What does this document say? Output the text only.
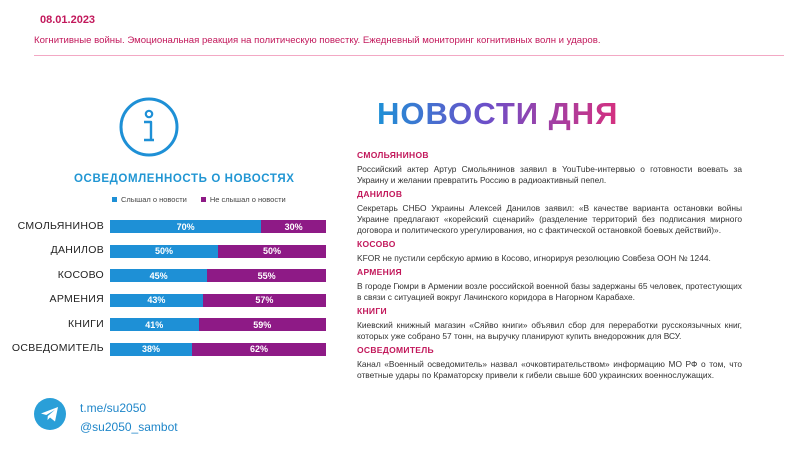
08.01.2023
Когнитивные войны. Эмоциональная реакция на политическую повестку. Ежедневный мониторинг когнитивных волн и ударов.
ОСВЕДОМЛЕННОСТЬ О НОВОСТЯХ
Слышал о новости	Не слышал о новости
СМОЛЬЯНИНОВ	70%	30%
ДАНИЛОВ	50%	50%
КОСОВО	45%	55%
АРМЕНИЯ	43%	57%
КНИГИ	41%	59%
ОСВЕДОМИТЕЛЬ	38%	62%
t.me/su2050
@su2050_sambot
НОВОСТИ ДНЯ
СМОЛЬЯНИНОВ
Российский актер Артур Смольянинов заявил в YouTube-интервью о готовности воевать за Украину и желании превратить Россию в радиоактивный пепел.
ДАНИЛОВ
Секретарь СНБО Украины Алексей Данилов заявил: «В качестве варианта остановки войны Украине предлагают «корейский сценарий» (разделение территорий без подписания мирного договора и политического урегулирования, но с фактической остановкой боевых действий)».
КОСОВО
KFOR не пустили сербскую армию в Косово, игнорируя резолюцию Совбеза ООН № 1244.
АРМЕНИЯ
В городе Гюмри в Армении возле российской военной базы задержаны 65 человек, протестующих в связи с ситуацией вокруг Лачинского коридора в Нагорном Карабахе.
КНИГИ
Киевский книжный магазин «Сяйво книги» объявил сбор для переработки русскоязычных книг, которых уже собрано 57 тонн, на выручку планируют купить внедорожник для ВСУ.
ОСВЕДОМИТЕЛЬ
Канал «Военный осведомитель» назвал «очковтирательством» информацию МО РФ о том, что ответные удары по Краматорску привели к гибели свыше 600 украинских военнослужащих.
